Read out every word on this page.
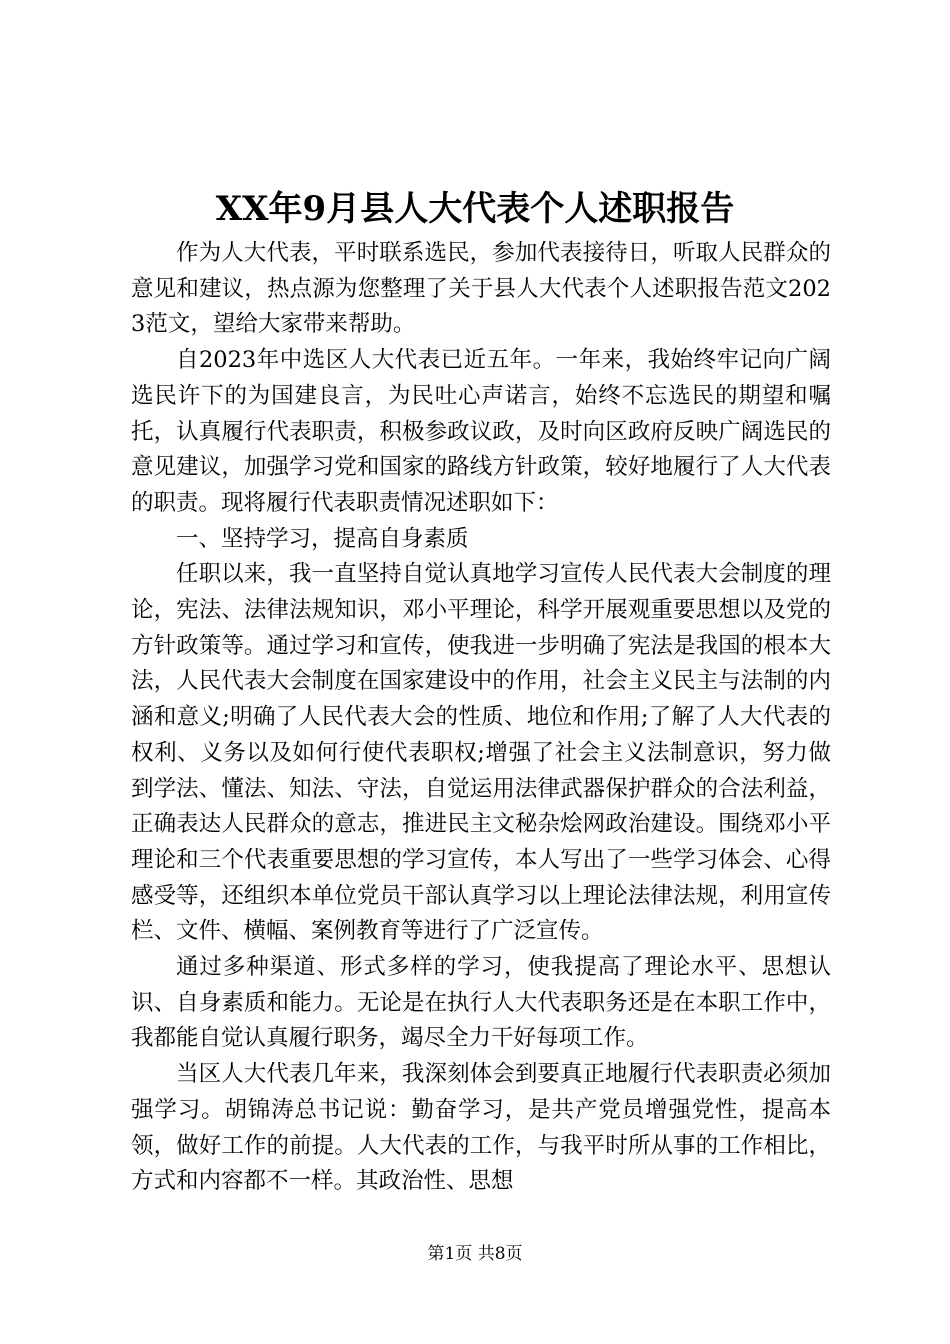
XX年9月县人大代表个人述职报告

作为人大代表，平时联系选民，参加代表接待日，听取人民群众的意见和建议，热点源为您整理了关于县人大代表个人述职报告范文2023范文，望给大家带来帮助。

自2023年中选区人大代表已近五年。一年来，我始终牢记向广阔选民许下的为国建良言，为民吐心声诺言，始终不忘选民的期望和嘱托，认真履行代表职责，积极参政议政，及时向区政府反映广阔选民的意见建议，加强学习党和国家的路线方针政策，较好地履行了人大代表的职责。现将履行代表职责情况述职如下：

一、坚持学习，提高自身素质

任职以来，我一直坚持自觉认真地学习宣传人民代表大会制度的理论，宪法、法律法规知识，邓小平理论，科学开展观重要思想以及党的方针政策等。通过学习和宣传，使我进一步明确了宪法是我国的根本大法，人民代表大会制度在国家建设中的作用，社会主义民主与法制的内涵和意义;明确了人民代表大会的性质、地位和作用;了解了人大代表的权利、义务以及如何行使代表职权;增强了社会主义法制意识，努力做到学法、懂法、知法、守法，自觉运用法律武器保护群众的合法利益，正确表达人民群众的意志，推进民主文秘杂烩网政治建设。围绕邓小平理论和三个代表重要思想的学习宣传，本人写出了一些学习体会、心得感受等，还组织本单位党员干部认真学习以上理论法律法规，利用宣传栏、文件、横幅、案例教育等进行了广泛宣传。

通过多种渠道、形式多样的学习，使我提高了理论水平、思想认识、自身素质和能力。无论是在执行人大代表职务还是在本职工作中，我都能自觉认真履行职务，竭尽全力干好每项工作。

当区人大代表几年来，我深刻体会到要真正地履行代表职责必须加强学习。胡锦涛总书记说：勤奋学习，是共产党员增强党性，提高本领，做好工作的前提。人大代表的工作，与我平时所从事的工作相比，方式和内容都不一样。其政治性、思想

第1页 共8页
